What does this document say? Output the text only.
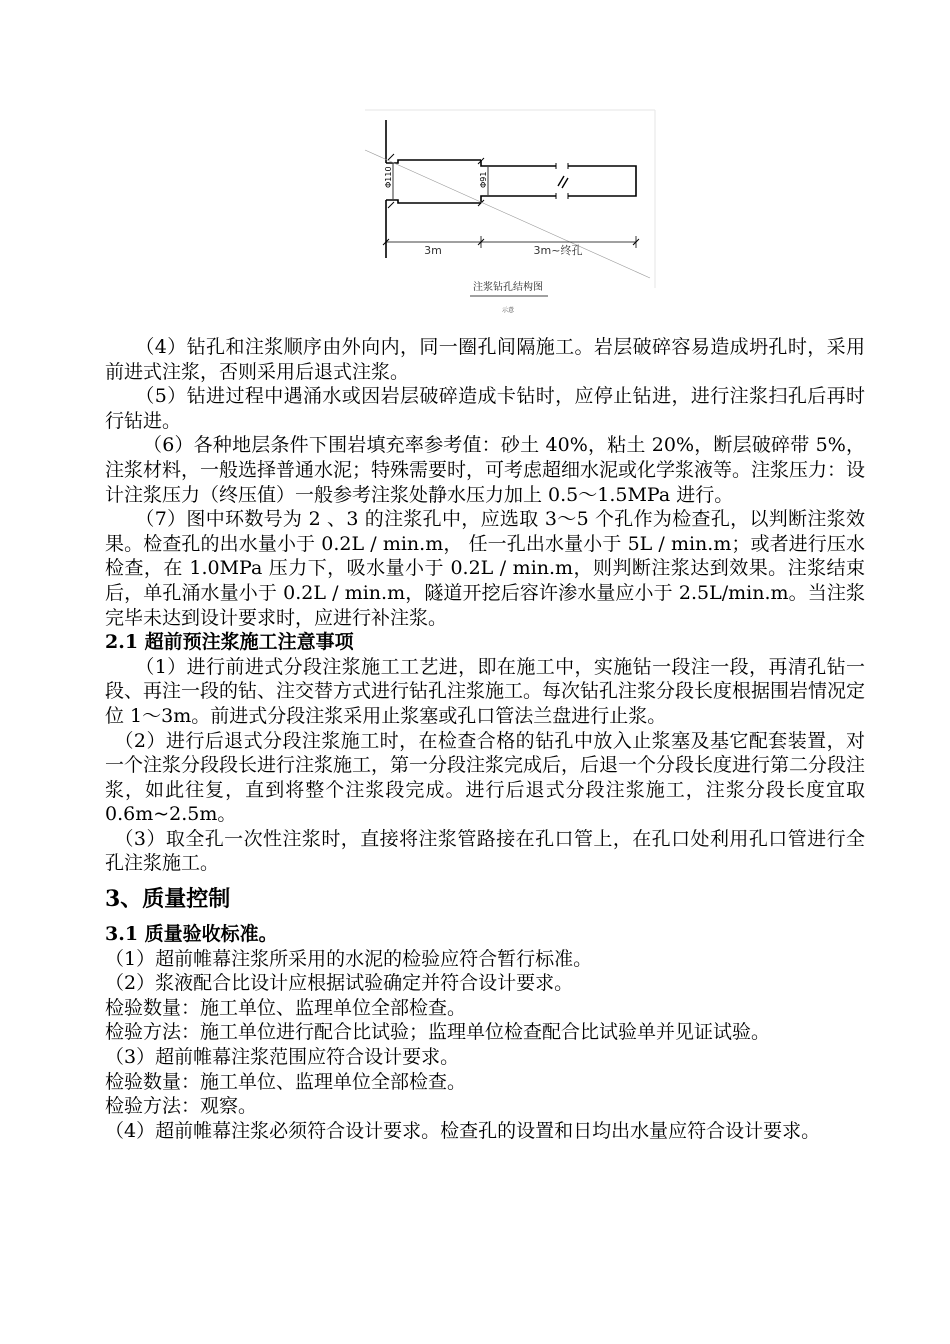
Φ110	Φ91
3m	3m~终孔
注浆钻孔结构图
示意

（4）钻孔和注浆顺序由外向内，同一圈孔间隔施工。岩层破碎容易造成坍孔时，采用前进式注浆，否则采用后退式注浆。

（5）钻进过程中遇涌水或因岩层破碎造成卡钻时，应停止钻进，进行注浆扫孔后再时行钻进。

（6）各种地层条件下围岩填充率参考值：砂土 40%，粘土 20%，断层破碎带 5%，注浆材料，一般选择普通水泥；特殊需要时，可考虑超细水泥或化学浆液等。注浆压力：设计注浆压力（终压值）一般参考注浆处静水压力加上 0.5～1.5MPa 进行。

（7）图中环数号为 2 、3 的注浆孔中，应选取 3～5 个孔作为检查孔，以判断注浆效果。检查孔的出水量小于 0.2L / min.m， 任一孔出水量小于 5L / min.m；或者进行压水检查，在 1.0MPa 压力下，吸水量小于 0.2L / min.m，则判断注浆达到效果。注浆结束后，单孔涌水量小于 0.2L / min.m，隧道开挖后容许渗水量应小于 2.5L/min.m。当注浆完毕未达到设计要求时，应进行补注浆。

2.1 超前预注浆施工注意事项

（1）进行前进式分段注浆施工工艺进，即在施工中，实施钻一段注一段，再清孔钻一段、再注一段的钻、注交替方式进行钻孔注浆施工。每次钻孔注浆分段长度根据围岩情况定位 1～3m。前进式分段注浆采用止浆塞或孔口管法兰盘进行止浆。

（2）进行后退式分段注浆施工时，在检查合格的钻孔中放入止浆塞及基它配套装置，对一个注浆分段段长进行注浆施工，第一分段注浆完成后，后退一个分段长度进行第二分段注浆，如此往复，直到将整个注浆段完成。进行后退式分段注浆施工，注浆分段长度宜取 0.6m~2.5m。

（3）取全孔一次性注浆时，直接将注浆管路接在孔口管上，在孔口处利用孔口管进行全孔注浆施工。

3、质量控制
3.1 质量验收标准。

（1）超前帷幕注浆所采用的水泥的检验应符合暂行标准。

（2）浆液配合比设计应根据试验确定并符合设计要求。

检验数量：施工单位、监理单位全部检查。

检验方法：施工单位进行配合比试验；监理单位检查配合比试验单并见证试验。

（3）超前帷幕注浆范围应符合设计要求。

检验数量：施工单位、监理单位全部检查。

检验方法：观察。

（4）超前帷幕注浆必须符合设计要求。检查孔的设置和日均出水量应符合设计要求。
